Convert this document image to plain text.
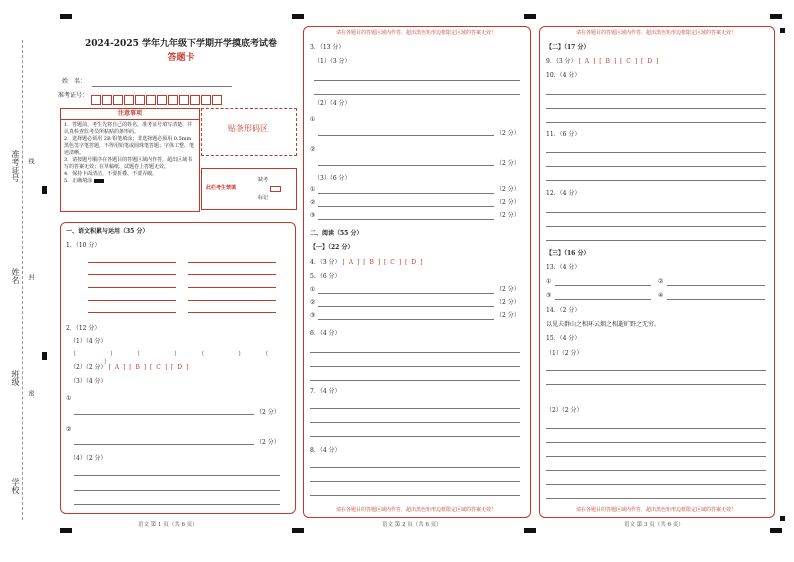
准考证号 线
姓名 封
班级
密
学校
2024-2025 学年九年级下学期开学摸底考试卷
答题卡
姓　名：
准考证号：
注意事项
1．答题前，考生先将自己的姓名，准考证号填写清楚，并认真检查监考员所粘贴的条形码。
2．选择题必须用 2B 铅笔填涂；非选择题必须用 0.5mm 黑色签字笔答题，不得用铅笔或圆珠笔答题；字体工整、笔迹清晰。
3．请按题号顺序在各题目的答题区域内作答，超出区域书写的答案无效；在草稿纸、试题卷上答题无效。
4．保持卡面清洁，不要折叠、不要弄破。
5．正确填涂
贴条形码区
此栏考生禁填
缺考
标记
一、语文积累与运用（35 分）
1．（10 分）
2．（12 分）
（1）（4 分）
（	）	（	）	（	）	（）
（2）（2 分） [ A ] [ B ] [ C ] [ D ]
（3）（4 分）
①
（2 分）
②
（2 分）
（4）（2 分）
请在各题目的答题区域内作答，超出黑色矩形边框限定区域的答案无效！
3．（13 分）
（1）（3 分）
（2）（4 分）
①
（2 分）
②
（2 分）
（3）（6 分）
①	（2 分）
②	（2 分）
③	（2 分）
二、阅读（55 分）
【一】（22 分）
4．（3 分） [ A ] [ B ] [ C ] [ D ]
5．（6 分）
①	（2 分）
②	（2 分）
③	（2 分）
6．（4 分）
7．（4 分）
8．（4 分）
请在各题目的答题区域内作答，超出黑色矩形边框限定区域的答案无效！
请在各题目的答题区域内作答，超出黑色矩形边框限定区域的答案无效！
【二】（17 分）
9．（3 分） [ A ] [ B ] [ C ] [ D ]
10．（4 分）
11．（6 分）
12．（4 分）
【三】（16 分）
13．（4 分）
①	②
③	④
14．（2 分）
以见夫群山之相环云烟之相逝旷野之无穷。
15．（4 分）
（1）（2 分）
（2）（2 分）
请在各题目的答题区域内作答，超出黑色矩形边框限定区域的答案无效！
语文 第 1 页（共 6 页）	语文 第 2 页（共 6 页）	语文 第 3 页（共 6 页）
